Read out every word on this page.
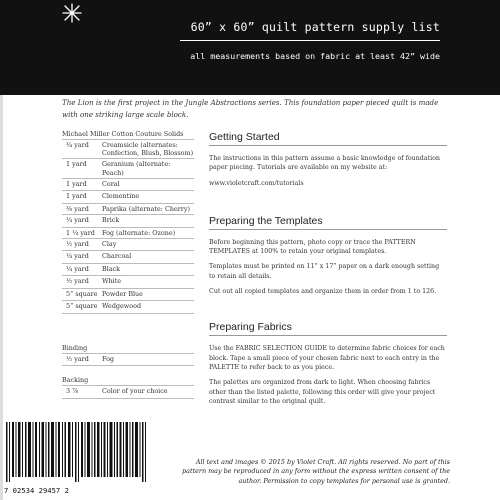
60” x 60” quilt pattern supply list
all measurements based on fabric at least 42” wide
The Lion is the first project in the Jungle Abstractions series. This foundation paper pieced quilt is made with one striking large scale block.
Michael Miller Cotton Couture Solids
¾ yard	Creamsicle (alternates: Confection, Blush, Blossom)
1 yard	Geranium (alternate: Peach)
1 yard	Coral
1 yard	Clementine
⅜ yard	Paprika (alternate: Cherry)
¼ yard	Brick
1 ¼ yard	Fog (alternate: Ozone)
½ yard	Clay
¼ yard	Charcoal
¼ yard	Black
½ yard	White
5” square Powder Blue
5” square Wedgewood
Binding
½ yard	Fog
Backing
3 ⅞	Color of your choice
Getting Started
The instructions in this pattern assume a basic knowledge of foundation paper piecing. Tutorials are available on my website at:
www.violetcraft.com/tutorials
Preparing the Templates
Before beginning this pattern, photo copy or trace the PATTERN TEMPLATES at 100% to retain your original templates.
Templates must be printed on 11” x 17” paper on a dark enough setting to retain all details.
Cut out all copied templates and organize them in order from 1 to 126.
Preparing Fabrics
Use the FABRIC SELECTION GUIDE to determine fabric choices for each block. Tape a small piece of your chosen fabric next to each entry in the PALETTE to refer back to as you piece.
The palettes are organized from dark to light. When choosing fabrics other than the listed palette, following this order will give your project contrast similar to the original quilt.
7 02534 29457 2
All text and images © 2015 by Violet Craft. All rights reserved. No part of this pattern may be reproduced in any form without the express written consent of the author. Permission to copy templates for personal use is granted.
